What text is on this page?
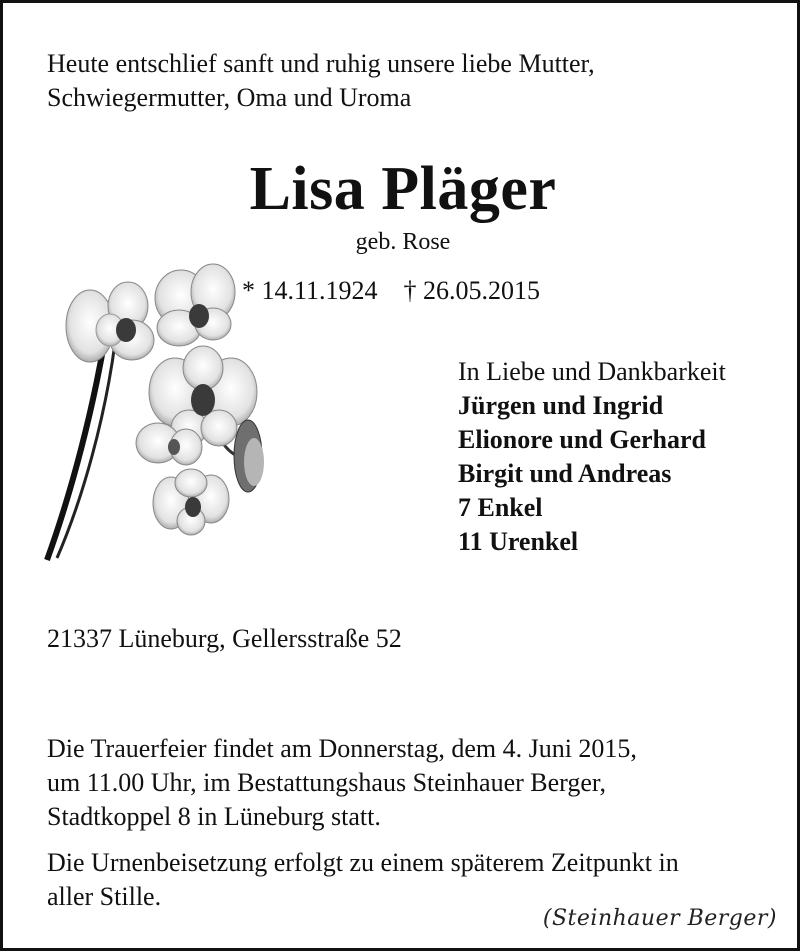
Heute entschlief sanft und ruhig unsere liebe Mutter,
Schwiegermutter, Oma und Uroma
Lisa Pläger
geb. Rose
* 14.11.1924 † 26.05.2015
In Liebe und Dankbarkeit
Jürgen und Ingrid
Elionore und Gerhard
Birgit und Andreas
7 Enkel
11 Urenkel
21337 Lüneburg, Gellersstraße 52
Die Trauerfeier findet am Donnerstag, dem 4. Juni 2015,
um 11.00 Uhr, im Bestattungshaus Steinhauer Berger,
Stadtkoppel 8 in Lüneburg statt.
Die Urnenbeisetzung erfolgt zu einem späterem Zeitpunkt in
aller Stille.
(Steinhauer Berger)
